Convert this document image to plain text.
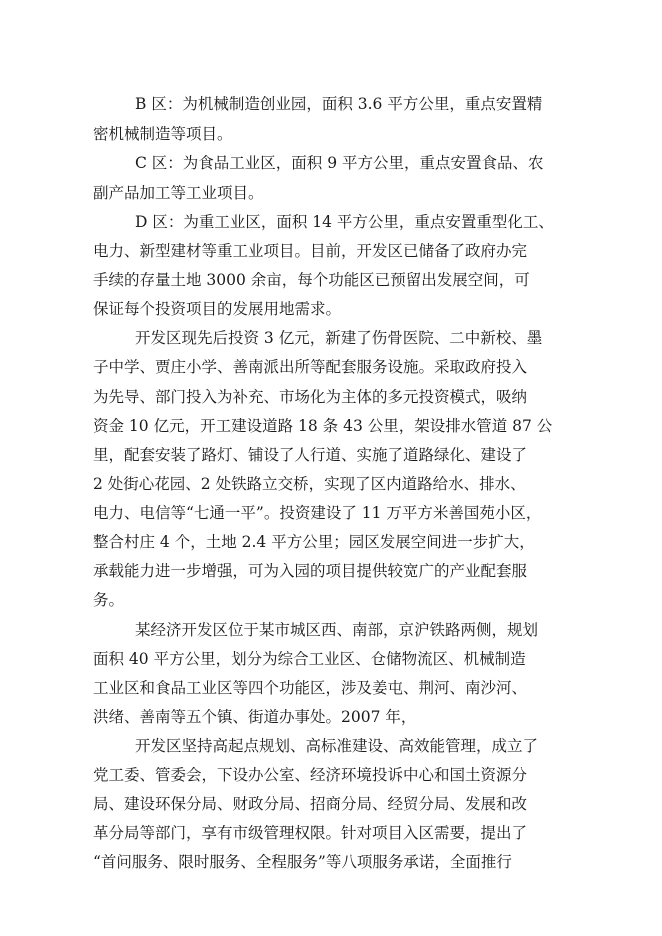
B 区：为机械制造创业园，面积 3.6 平方公里，重点安置精
密机械制造等项目。
C 区：为食品工业区，面积 9 平方公里，重点安置食品、农
副产品加工等工业项目。
D 区：为重工业区，面积 14 平方公里，重点安置重型化工、
电力、新型建材等重工业项目。目前，开发区已储备了政府办完
手续的存量土地 3000 余亩，每个功能区已预留出发展空间，可
保证每个投资项目的发展用地需求。
开发区现先后投资 3 亿元，新建了伤骨医院、二中新校、墨
子中学、贾庄小学、善南派出所等配套服务设施。采取政府投入
为先导、部门投入为补充、市场化为主体的多元投资模式，吸纳
资金 10 亿元，开工建设道路 18 条 43 公里，架设排水管道 87 公
里，配套安装了路灯、铺设了人行道、实施了道路绿化、建设了
2 处街心花园、2 处铁路立交桥，实现了区内道路给水、排水、
电力、电信等“七通一平”。投资建设了 11 万平方米善国苑小区，
整合村庄 4 个，土地 2.4 平方公里；园区发展空间进一步扩大，
承载能力进一步增强，可为入园的项目提供较宽广的产业配套服
务。
某经济开发区位于某市城区西、南部，京沪铁路两侧，规划
面积 40 平方公里，划分为综合工业区、仓储物流区、机械制造
工业区和食品工业区等四个功能区，涉及姜屯、荆河、南沙河、
洪绪、善南等五个镇、街道办事处。2007 年，
开发区坚持高起点规划、高标准建设、高效能管理，成立了
党工委、管委会，下设办公室、经济环境投诉中心和国土资源分
局、建设环保分局、财政分局、招商分局、经贸分局、发展和改
革分局等部门，享有市级管理权限。针对项目入区需要，提出了
“首问服务、限时服务、全程服务”等八项服务承诺，全面推行
